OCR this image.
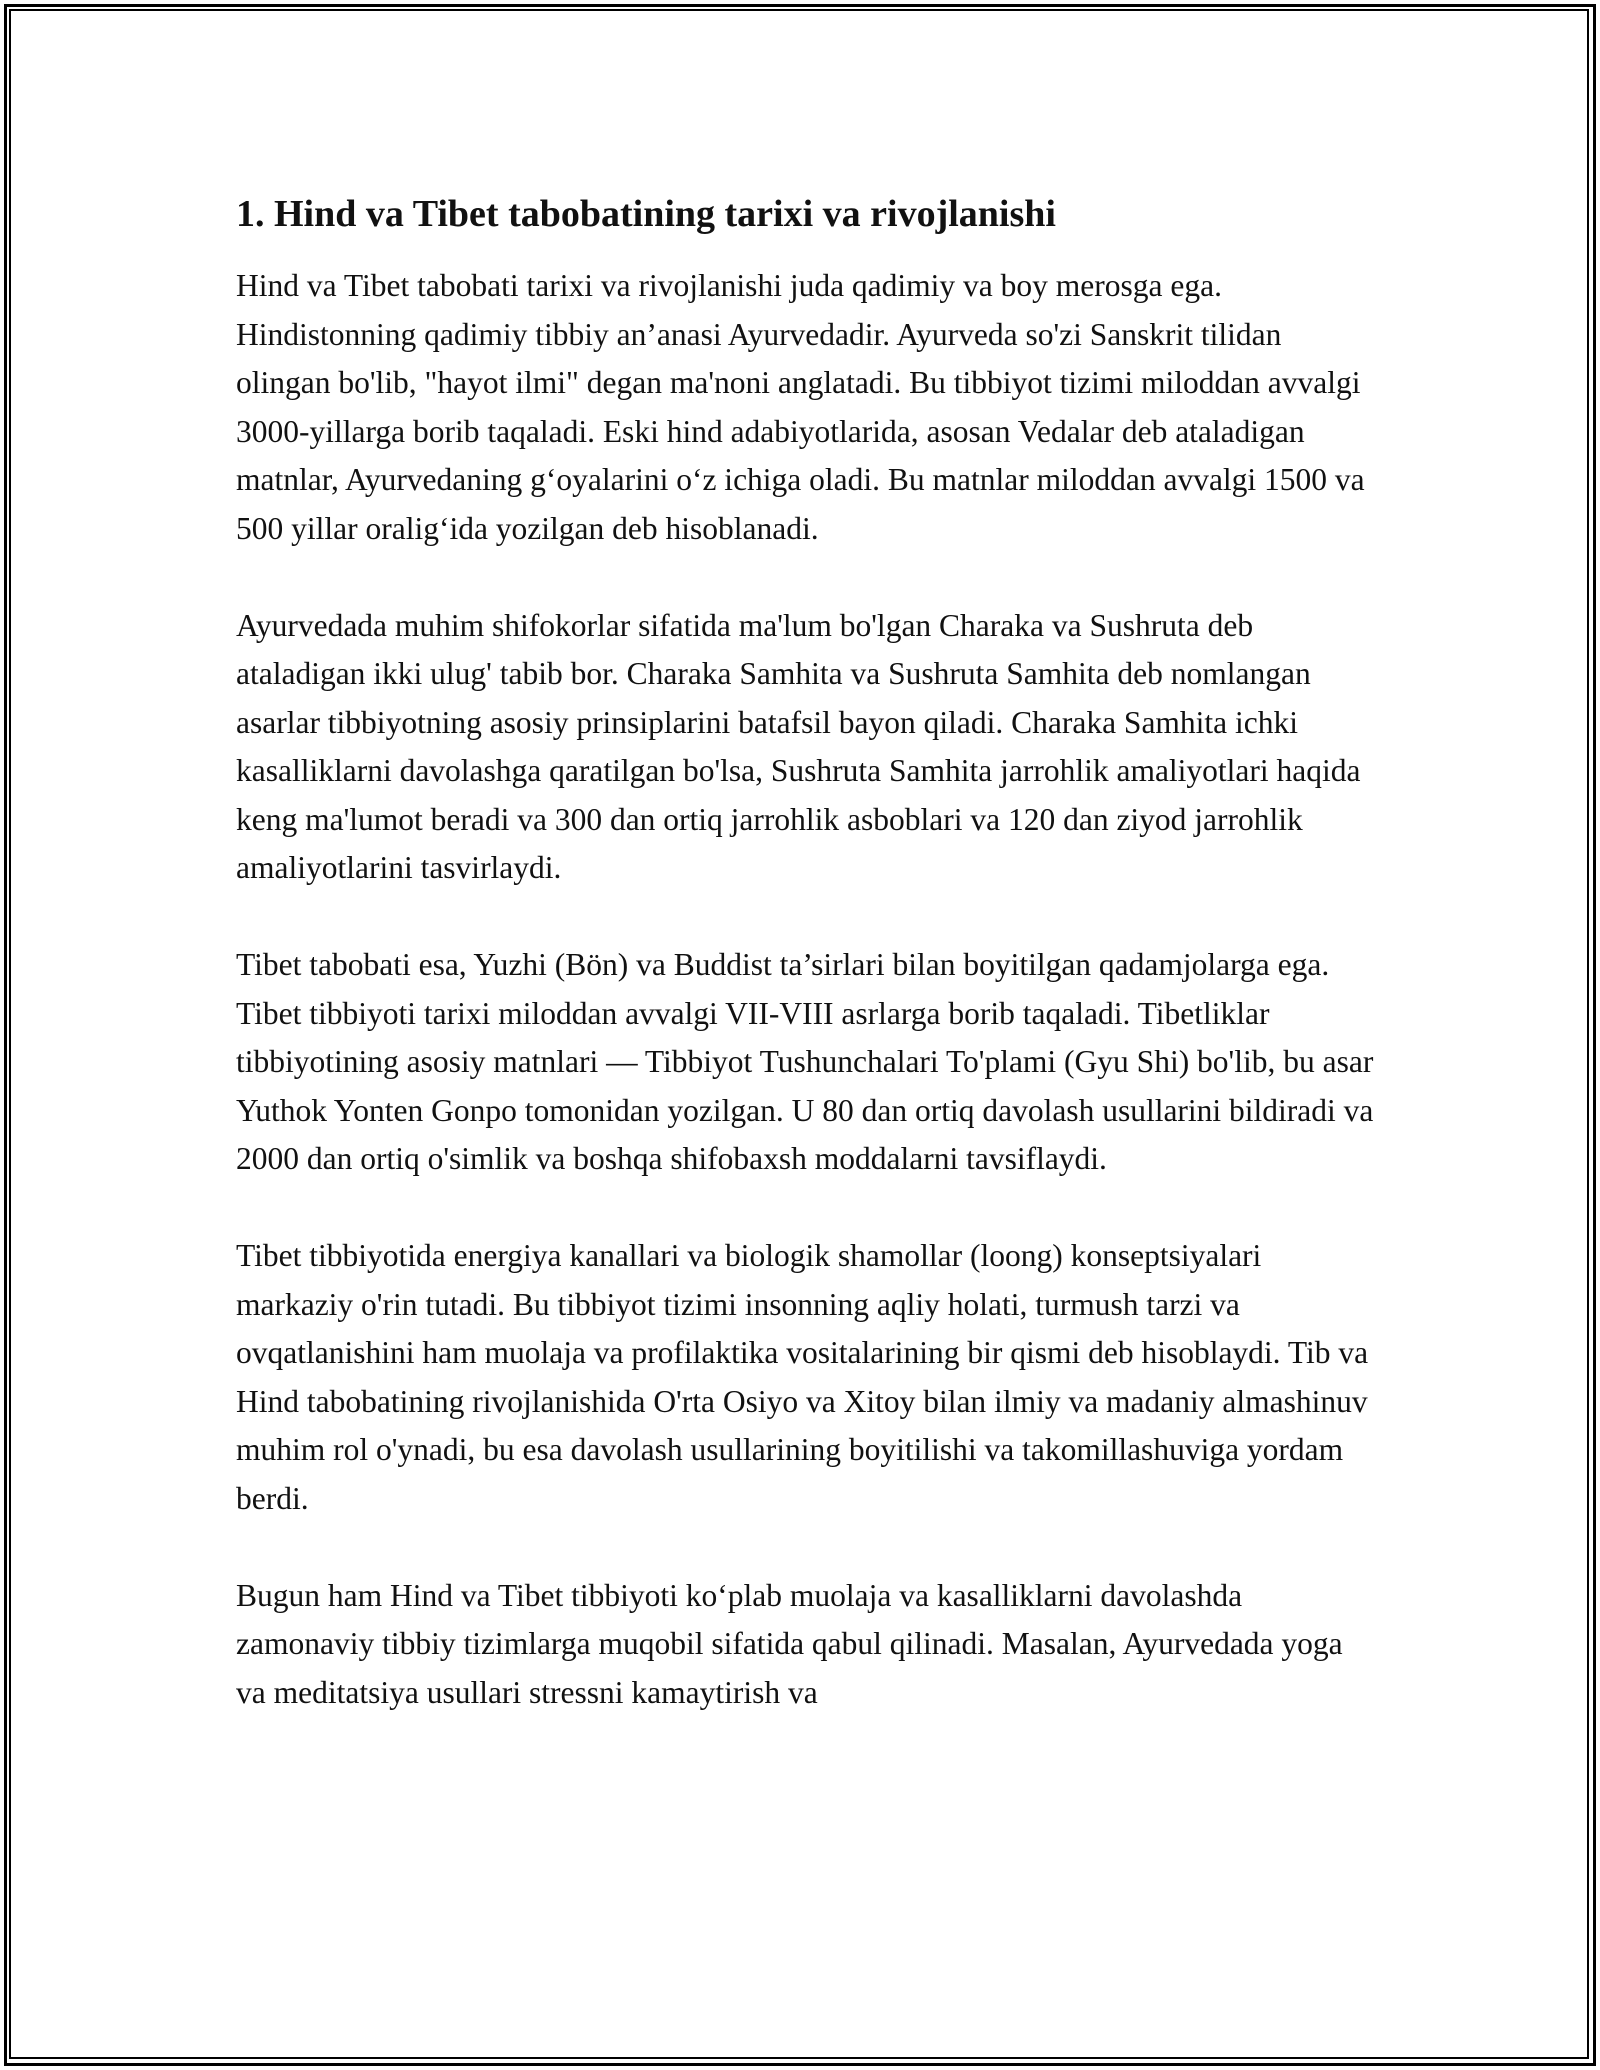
1. Hind va Tibet tabobatining tarixi va rivojlanishi

Hind va Tibet tabobati tarixi va rivojlanishi juda qadimiy va boy merosga ega. Hindistonning qadimiy tibbiy an’anasi Ayurvedadir. Ayurveda so'zi Sanskrit tilidan olingan bo'lib, "hayot ilmi" degan ma'noni anglatadi. Bu tibbiyot tizimi miloddan avvalgi 3000-yillarga borib taqaladi. Eski hind adabiyotlarida, asosan Vedalar deb ataladigan matnlar, Ayurvedaning g‘oyalarini o‘z ichiga oladi. Bu matnlar miloddan avvalgi 1500 va 500 yillar oralig‘ida yozilgan deb hisoblanadi.

Ayurvedada muhim shifokorlar sifatida ma'lum bo'lgan Charaka va Sushruta deb ataladigan ikki ulug' tabib bor. Charaka Samhita va Sushruta Samhita deb nomlangan asarlar tibbiyotning asosiy prinsiplarini batafsil bayon qiladi. Charaka Samhita ichki kasalliklarni davolashga qaratilgan bo'lsa, Sushruta Samhita jarrohlik amaliyotlari haqida keng ma'lumot beradi va 300 dan ortiq jarrohlik asboblari va 120 dan ziyod jarrohlik amaliyotlarini tasvirlaydi.

Tibet tabobati esa, Yuzhi (Bön) va Buddist ta’sirlari bilan boyitilgan qadamjolarga ega. Tibet tibbiyoti tarixi miloddan avvalgi VII-VIII asrlarga borib taqaladi. Tibetliklar tibbiyotining asosiy matnlari — Tibbiyot Tushunchalari To'plami (Gyu Shi) bo'lib, bu asar Yuthok Yonten Gonpo tomonidan yozilgan. U 80 dan ortiq davolash usullarini bildiradi va 2000 dan ortiq o'simlik va boshqa shifobaxsh moddalarni tavsiflaydi.

Tibet tibbiyotida energiya kanallari va biologik shamollar (loong) konseptsiyalari markaziy o'rin tutadi. Bu tibbiyot tizimi insonning aqliy holati, turmush tarzi va ovqatlanishini ham muolaja va profilaktika vositalarining bir qismi deb hisoblaydi. Tib va Hind tabobatining rivojlanishida O'rta Osiyo va Xitoy bilan ilmiy va madaniy almashinuv muhim rol o'ynadi, bu esa davolash usullarining boyitilishi va takomillashuviga yordam berdi.

Bugun ham Hind va Tibet tibbiyoti ko‘plab muolaja va kasalliklarni davolashda zamonaviy tibbiy tizimlarga muqobil sifatida qabul qilinadi. Masalan, Ayurvedada yoga va meditatsiya usullari stressni kamaytirish va
